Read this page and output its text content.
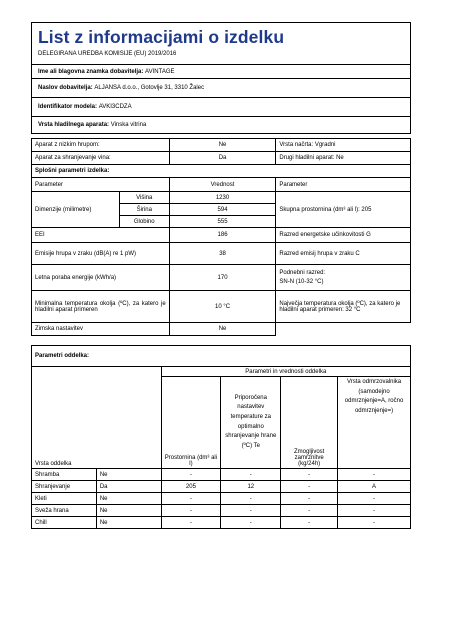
List z informacijami o izdelku
DELEGIRANA UREDBA KOMISIJE (EU) 2019/2016
Ime ali blagovna znamka dobavitelja:
AVINTAGE
Naslov dobavitelja:
ALJANSA d.o.o., Gotovlje 31, 3310 Žalec
Identifikator modela:
AVKI3CDZA
Vrsta hladilnega aparata:
Vinska vitrina
Aparat z nizkim hrupom:		Ne	Vrsta načrta: Vgradni
Aparat za shranjevanje vina:		Da	Drugi hladilni aparat: Ne
Splošni parametri izdelka:			
Parameter		Vrednost	Parameter
Dimenzije (milimetre)	Višina	1230	Skupna prostornina (dm³ ali l): 205
	Širina	594	
	Globino	555	
EEI		186	Razred energetske učinkovitosti G
Emisije hrupa v zraku (dB(A) re 1 pW)		38	Razred emisij hrupa v zraku C
Letna poraba energije (kWh/a)		170	Podnebni razred:
SN-N (10-32 °C)

Minimalna temperatura okolja (ºC), za katero je hladilni aparat primeren		10 °C	Največja temperatura okolja (ºC), za katero je hladilni aparat primeren: 32 °C
Zimska nastavitev		Ne	
Parametri oddelka:					
Vrsta oddelka		Parametri in vrednosti oddelka			
		Prostornina (dm³ ali l)	Priporočena nastavitev temperature za optimalno shranjevanje hrane (ºC) Te	Zmogljivost zamrznitve (kg/24h)	Vrsta odmrzovalnika (samodejno odmrznjenje=A, ročno odmrznjenje=)
Shramba	Ne	-	-	-	-
Shranjevanje	Da	205	12	-	A
Kleti	Ne	-	-	-	-
Sveža hrana	Ne	-	-	-	-
Chill	Ne	-	-	-	-
